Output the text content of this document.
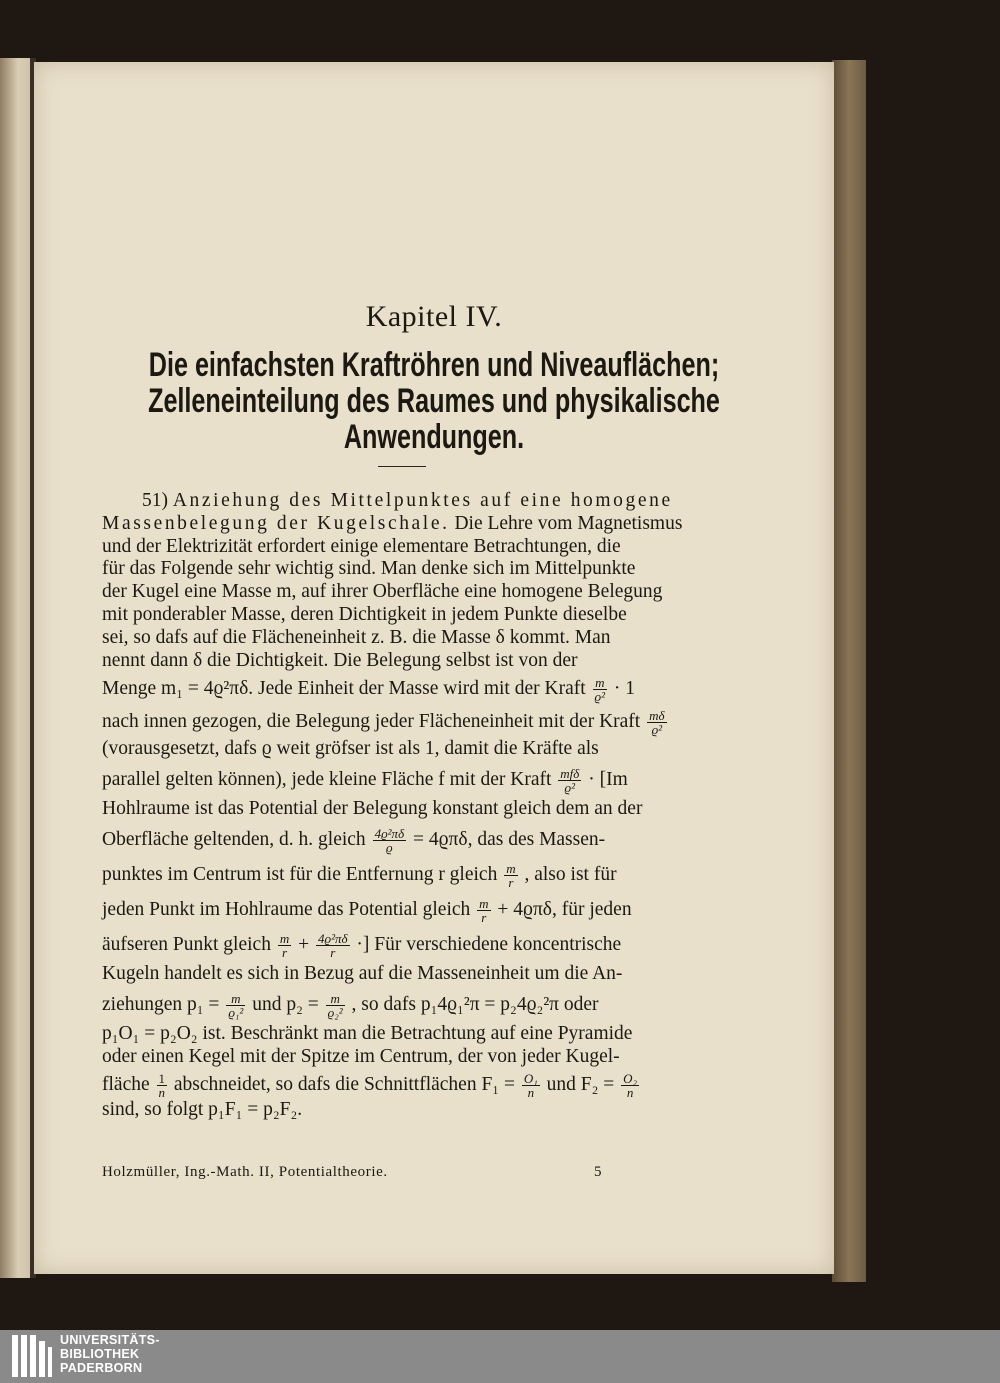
Kapitel IV.
Die einfachsten Kraftröhren und Niveauflächen;
Zelleneinteilung des Raumes und physikalische
Anwendungen.
51) Anziehung des Mittelpunktes auf eine homogene
Massenbelegung der Kugelschale. Die Lehre vom Magnetismus
und der Elektrizität erfordert einige elementare Betrachtungen, die
für das Folgende sehr wichtig sind. Man denke sich im Mittelpunkte
der Kugel eine Masse m, auf ihrer Oberfläche eine homogene Belegung
mit ponderabler Masse, deren Dichtigkeit in jedem Punkte dieselbe
sei, so dafs auf die Flächeneinheit z. B. die Masse δ kommt. Man
nennt dann δ die Dichtigkeit. Die Belegung selbst ist von der
Menge m₁ = 4ϱ²πδ. Jede Einheit der Masse wird mit der Kraft $\frac{m}{\text{ϱ²}} \cdot 1$
nach innen gezogen, die Belegung jeder Flächeneinheit mit der Kraft $\frac{m\delta}{\text{ϱ²}}$
(vorausgesetzt, dafs ϱ weit gröfser ist als 1, damit die Kräfte als
parallel gelten können), jede kleine Fläche f mit der Kraft $\frac{\text{mfδ}}{\text{ϱ²}} \cdot [Im$
Hohlraume ist das Potential der Belegung konstant gleich dem an der
Oberfläche geltenden, d. h. gleich $\frac{\text{4ϱ²πδ}}{ϱ} = 4ϱ\pi\delta$, das des Massen-
punktes im Centrum ist für die Entfernung r gleich $\frac{m}{r}$ , also ist für
jeden Punkt im Hohlraume das Potential gleich $\frac{m}{r} + 4ϱ\pi\delta$, für jeden
äufseren Punkt gleich $\frac{m}{r} + \frac{\text{4ϱ²πδ}}{r}$ ·] Für verschiedene koncentrische
Kugeln handelt es sich in Bezug auf die Masseneinheit um die An-
ziehungen $p_1 = \frac{m}{\text{ϱ₁²}}$ und $p_2 = \frac{m}{\text{ϱ₂²}}$ , so dafs p₁4ϱ₁²π = p₂4ϱ₂²π oder
p₁O₁ = p₂O₂ ist. Beschränkt man die Betrachtung auf eine Pyramide
oder einen Kegel mit der Spitze im Centrum, der von jeder Kugel-
fläche $\frac{1}{n}$ abschneidet, so dafs die Schnittflächen $F_1 = \frac{\text{O₁}}{n}$ und $F_2 = \frac{\text{O₂}}{n}$
sind, so folgt p₁F₁ = p₂F₂.
Holzmüller, Ing.-Math. II, Potentialtheorie.	5
UNIVERSITÄTS-
BIBLIOTHEK
PADERBORN
